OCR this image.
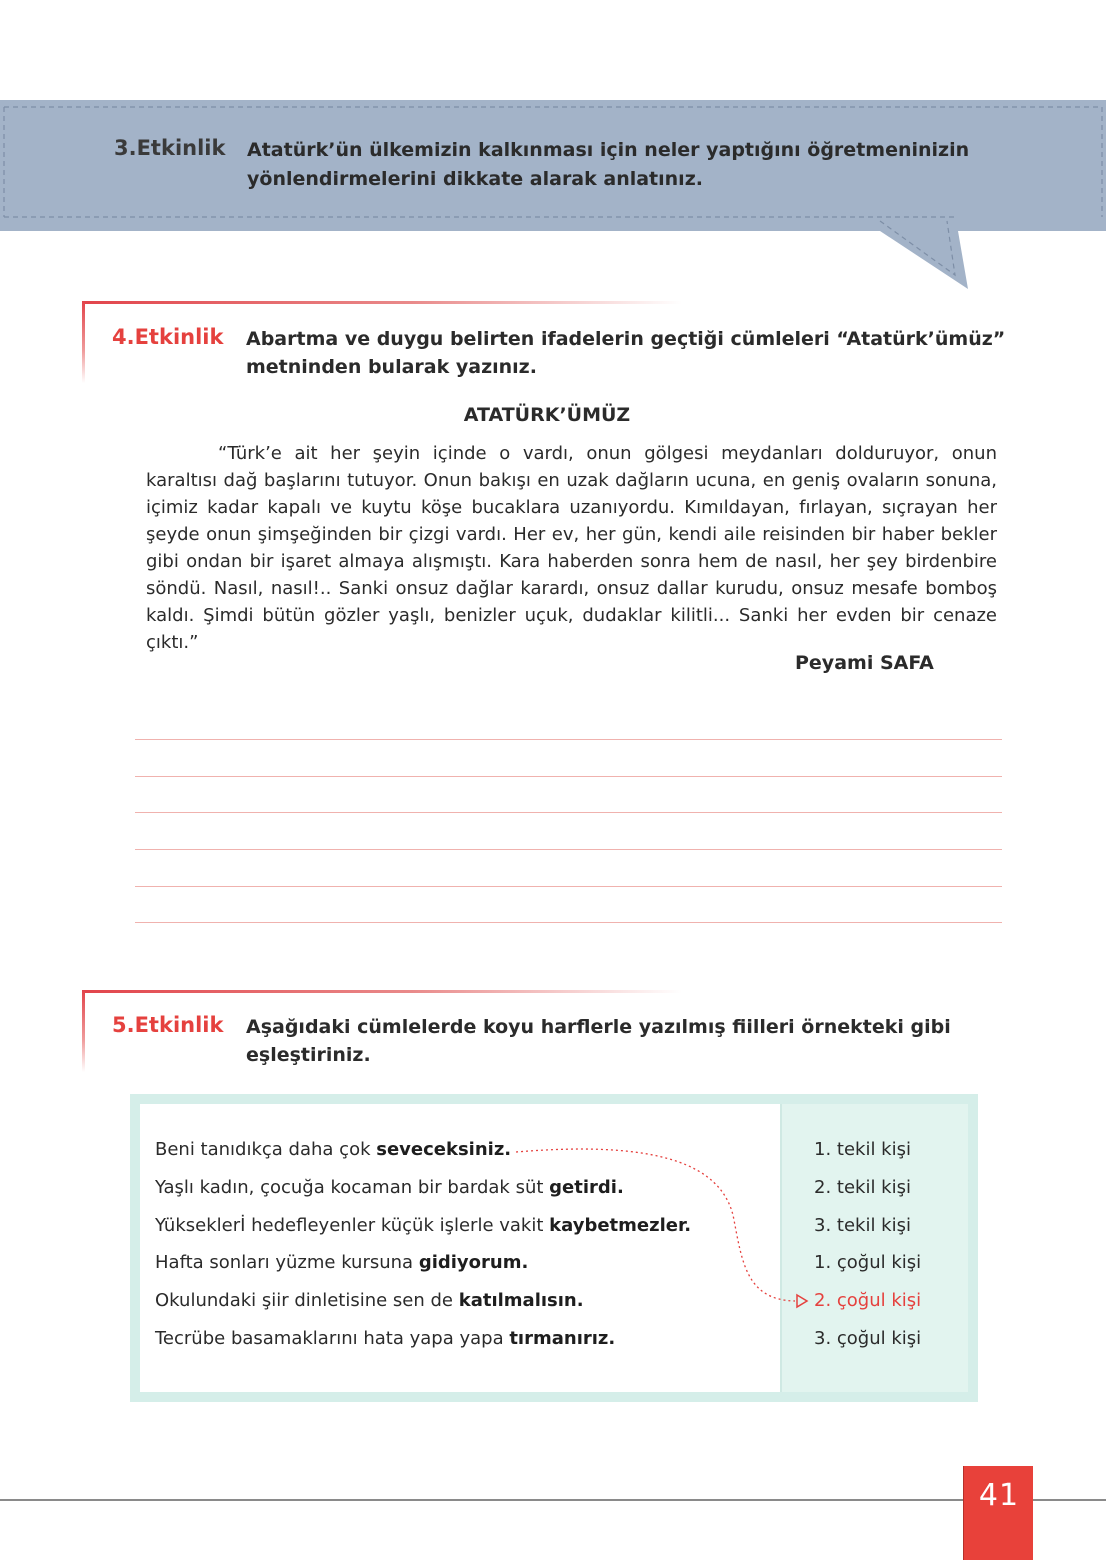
3.Etkinlik Atatürk’ün ülkemizin kalkınması için neler yaptığını öğretmeninizin
yönlendirmelerini dikkate alarak anlatınız.
4.Etkinlik Abartma ve duygu belirten ifadelerin geçtiği cümleleri “Atatürk’ümüz”
metninden bularak yazınız.
ATATÜRK’ÜMÜZ

“Türk’e ait her şeyin içinde o vardı, onun gölgesi meydanları dolduruyor, onun karaltısı dağ başlarını tutuyor. Onun bakışı en uzak dağların ucuna, en geniş ovaların sonuna, içimiz kadar kapalı ve kuytu köşe bucaklara uzanıyordu. Kımıldayan, fırlayan, sıçrayan her şeyde onun şimşeğinden bir çizgi vardı. Her ev, her gün, kendi aile reisinden bir haber bekler gibi ondan bir işaret almaya alışmıştı. Kara haberden sonra hem de nasıl, her şey birdenbire söndü. Nasıl, nasıl!.. Sanki onsuz dağlar karardı, onsuz dallar kurudu, onsuz mesafe bomboş kaldı. Şimdi bütün gözler yaşlı, benizler uçuk, dudaklar kilitli... Sanki her evden bir cenaze çıktı.”

Peyami SAFA
5.Etkinlik Aşağıdaki cümlelerde koyu harflerle yazılmış fiilleri örnekteki gibi
eşleştiriniz.
Beni tanıdıkça daha çok seveceksiniz.
Yaşlı kadın, çocuğa kocaman bir bardak süt getirdi.
Yükseklerİ hedefleyenler küçük işlerle vakit kaybetmezler.
Hafta sonları yüzme kursuna gidiyorum.
Okulundaki şiir dinletisine sen de katılmalısın.
Tecrübe basamaklarını hata yapa yapa tırmanırız.
1. tekil kişi
2. tekil kişi
3. tekil kişi
1. çoğul kişi
2. çoğul kişi
3. çoğul kişi
41
